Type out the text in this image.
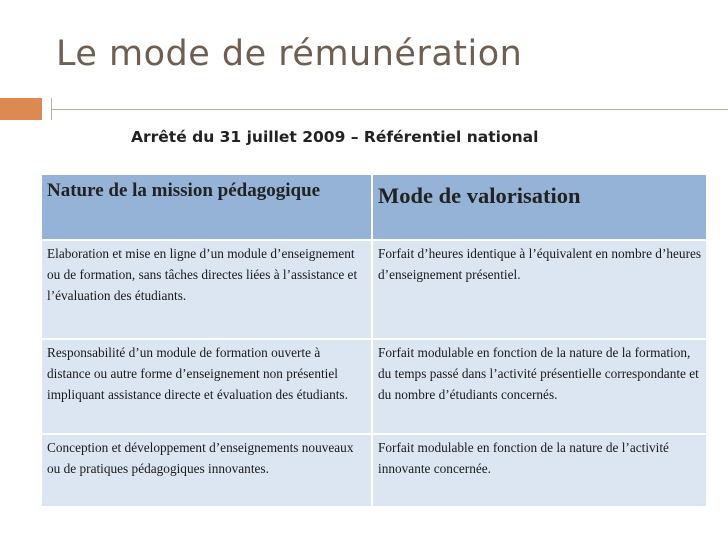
Le mode de rémunération
Arrêté du 31 juillet 2009 – Référentiel national
Nature de la mission pédagogique	Mode de valorisation
Elaboration et mise en ligne d’un module d’enseignement ou de formation, sans tâches directes liées à l’assistance et l’évaluation des étudiants.	Forfait d’heures identique à l’équivalent en nombre d’heures d’enseignement présentiel.
Responsabilité d’un module de formation ouverte à distance ou autre forme d’enseignement non présentiel impliquant assistance directe et évaluation des étudiants.	Forfait modulable en fonction de la nature de la formation, du temps passé dans l’activité présentielle correspondante et du nombre d’étudiants concernés.
Conception et développement d’enseignements nouveaux ou de pratiques pédagogiques innovantes.	Forfait modulable en fonction de la nature de l’activité innovante concernée.
